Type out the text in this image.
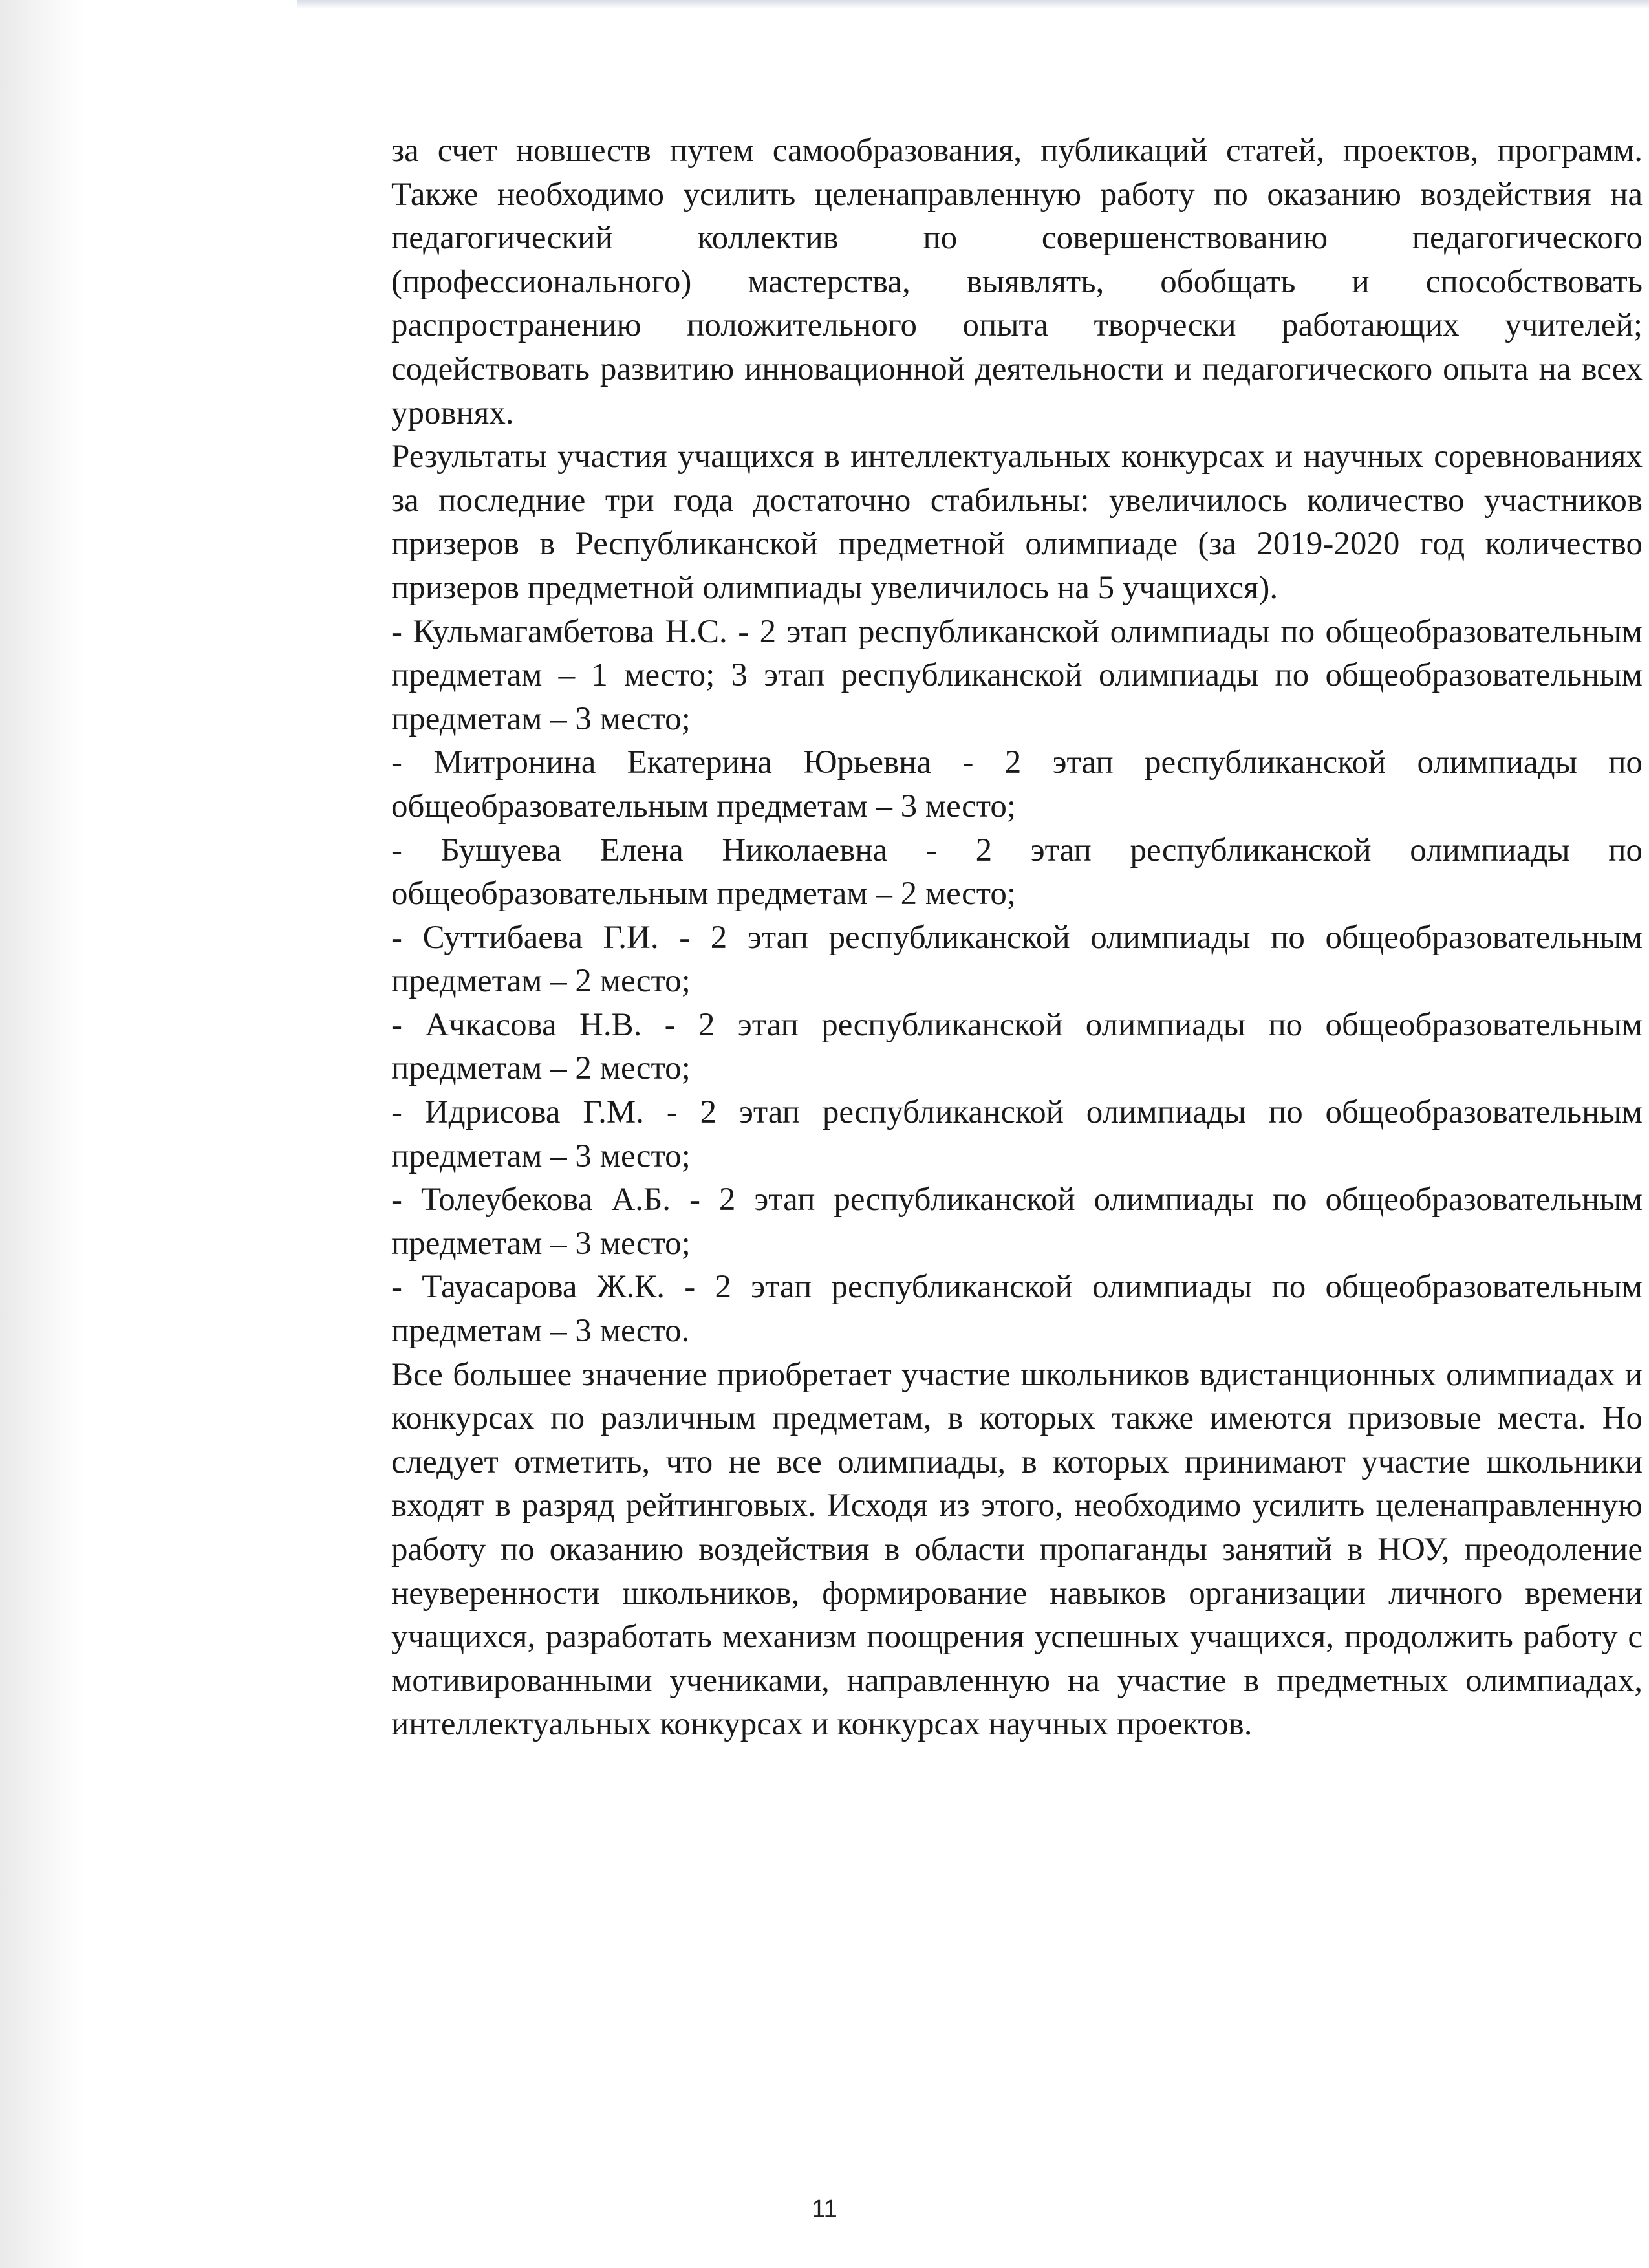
за счет новшеств путем самообразования, публикаций статей, проектов, программ. Также необходимо усилить целенаправленную работу по оказанию воздействия на педагогический коллектив по совершенствованию педагогического (профессионального) мастерства, выявлять, обобщать и способствовать распространению положительного опыта творчески работающих учителей; содействовать развитию инновационной деятельности и педагогического опыта на всех уровнях.

Результаты участия учащихся в интеллектуальных конкурсах и научных соревнованиях за последние три года достаточно стабильны: увеличилось количество участников призеров в Республиканской предметной олимпиаде (за 2019-2020 год количество призеров предметной олимпиады увеличилось на 5 учащихся).

- Кульмагамбетова Н.С. - 2 этап республиканской олимпиады по общеобразовательным предметам – 1 место; 3 этап республиканской олимпиады по общеобразовательным предметам – 3 место;

- Митронина Екатерина Юрьевна - 2 этап республиканской олимпиады по общеобразовательным предметам – 3 место;

- Бушуева Елена Николаевна - 2 этап республиканской олимпиады по общеобразовательным предметам – 2 место;

- Суттибаева Г.И. - 2 этап республиканской олимпиады по общеобразовательным предметам – 2 место;

- Ачкасова Н.В. - 2 этап республиканской олимпиады по общеобразовательным предметам – 2 место;

- Идрисова Г.М. - 2 этап республиканской олимпиады по общеобразовательным предметам – 3 место;

- Толеубекова А.Б. - 2 этап республиканской олимпиады по общеобразовательным предметам – 3 место;

- Тауасарова Ж.К. - 2 этап республиканской олимпиады по общеобразовательным предметам – 3 место.

Все большее значение приобретает участие школьников вдистанционных олимпиадах и конкурсах по различным предметам, в которых также имеются призовые места. Но следует отметить, что не все олимпиады, в которых принимают участие школьники входят в разряд рейтинговых. Исходя из этого, необходимо усилить целенаправленную работу по оказанию воздействия в области пропаганды занятий в НОУ, преодоление неуверенности школьников, формирование навыков организации личного времени учащихся, разработать механизм поощрения успешных учащихся, продолжить работу с мотивированными учениками, направленную на участие в предметных олимпиадах, интеллектуальных конкурсах и конкурсах научных проектов.

11
